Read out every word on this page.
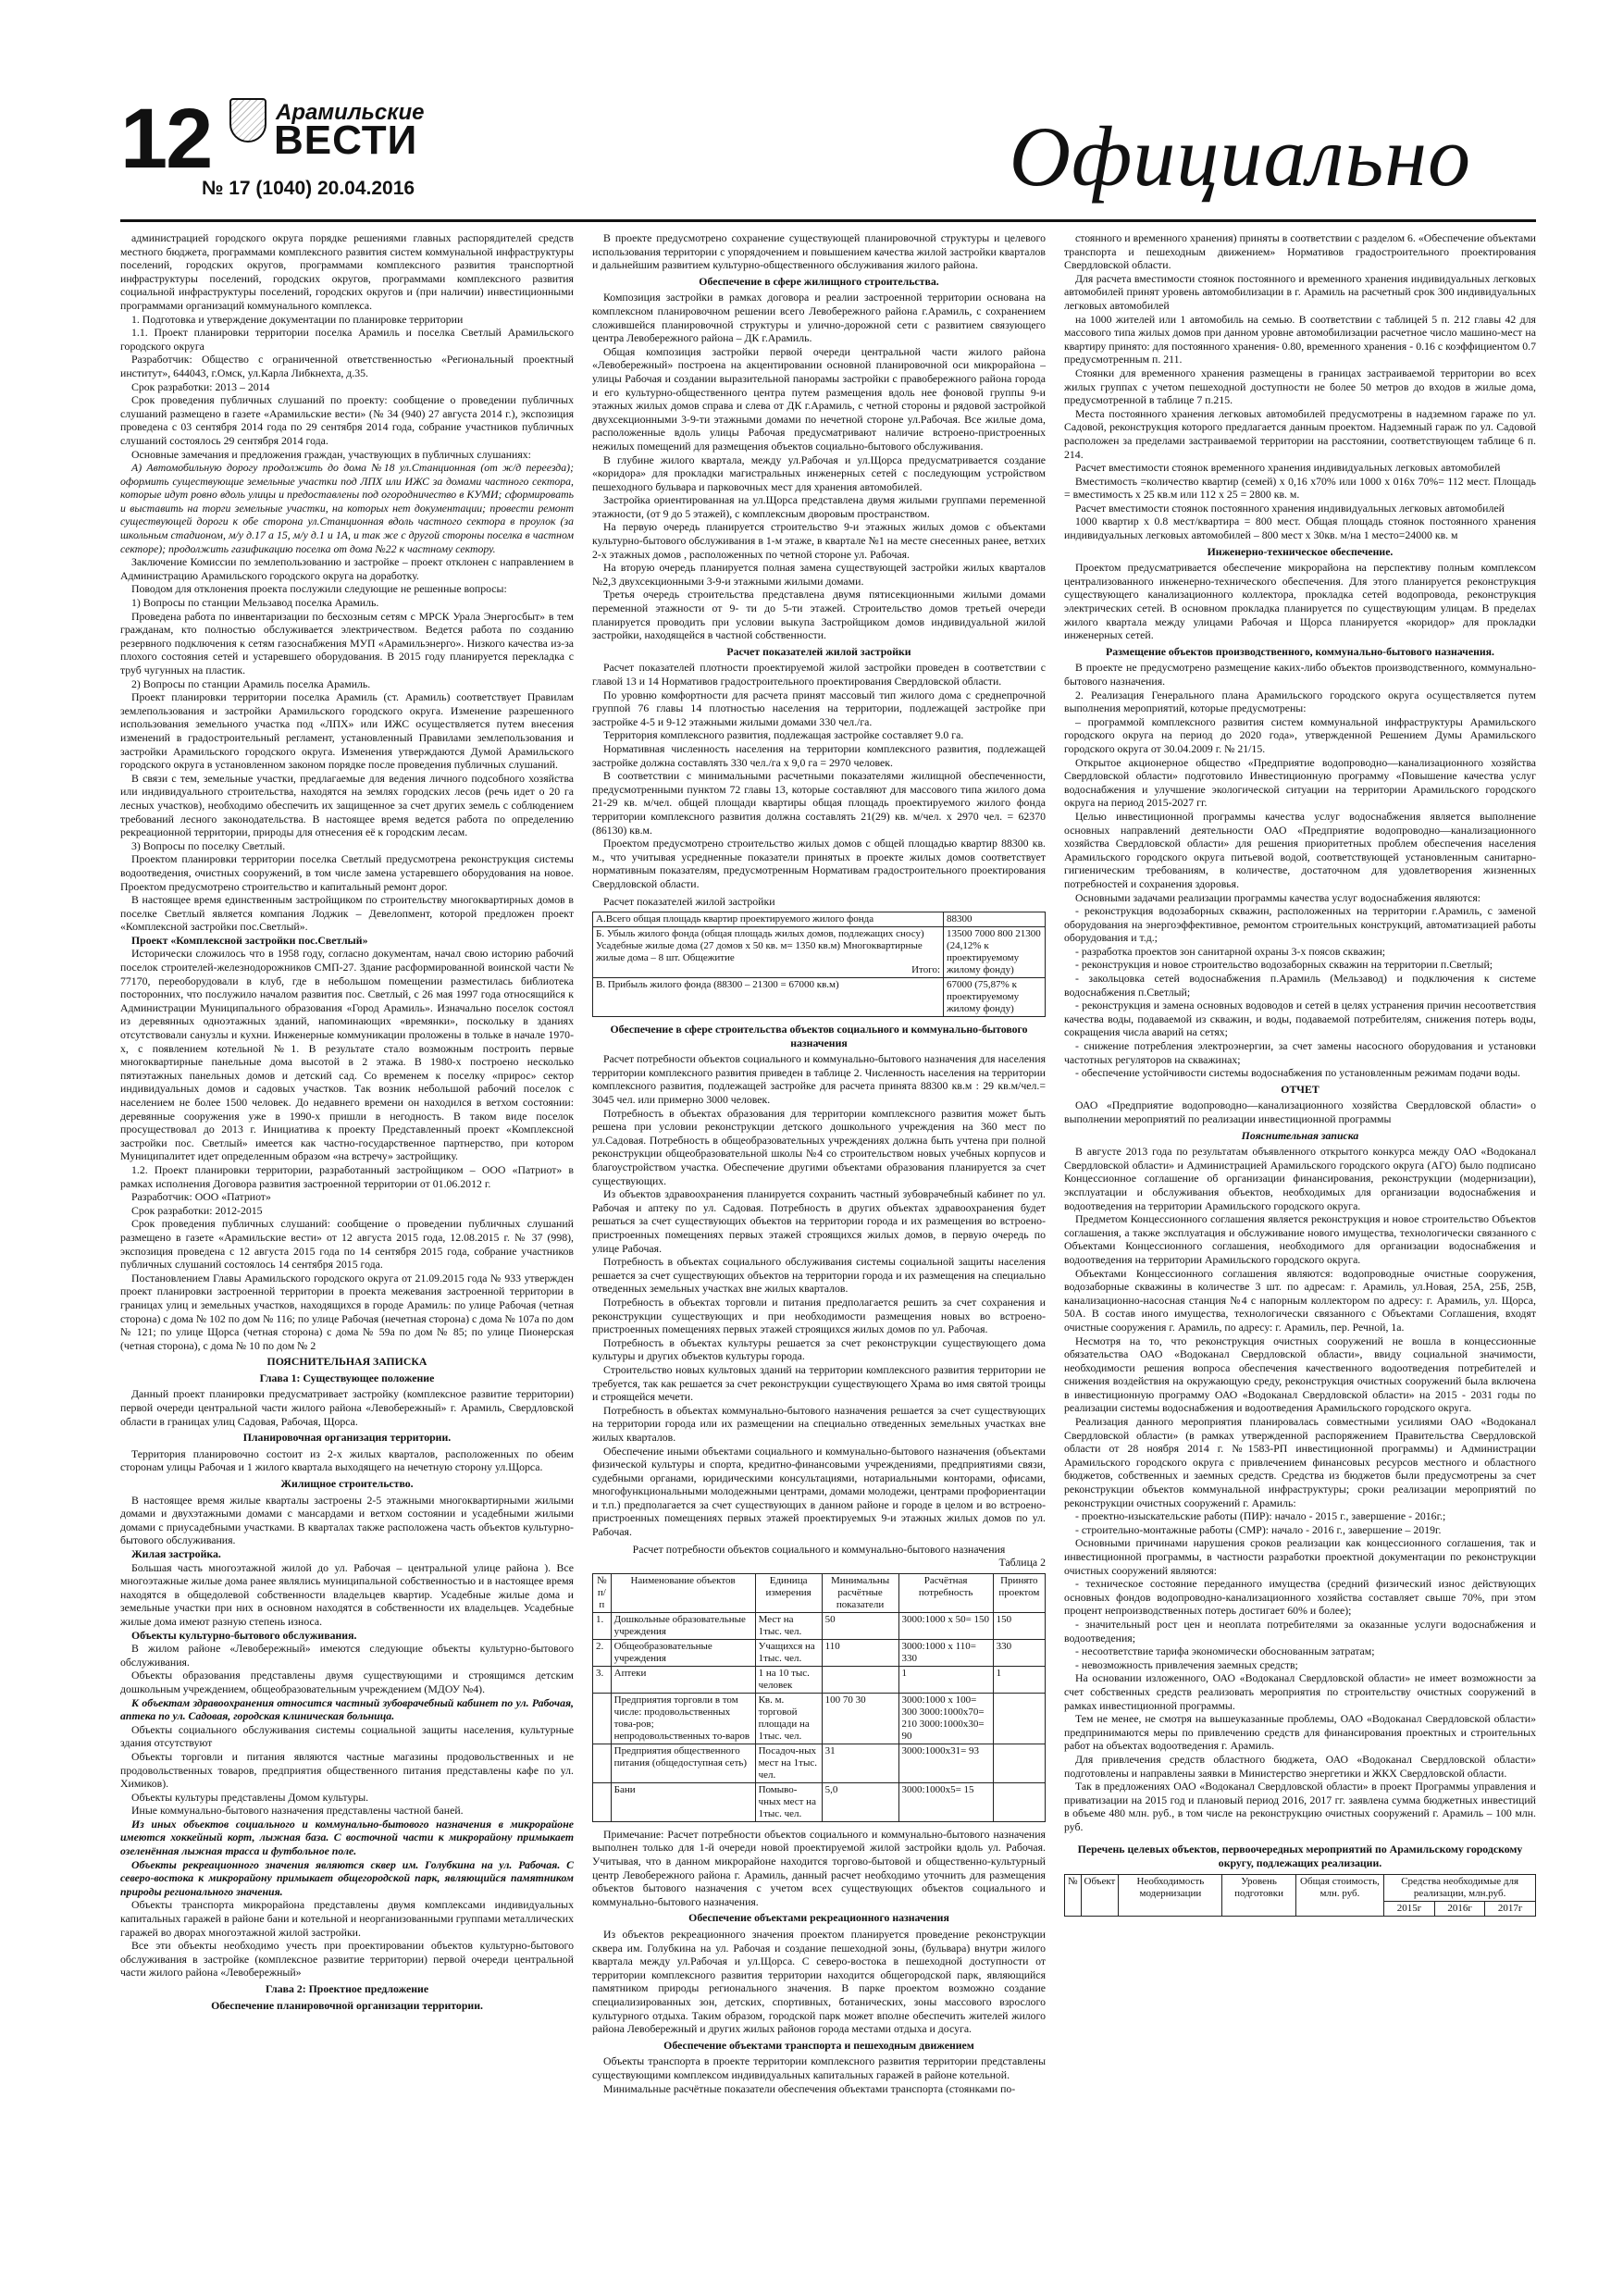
12	Арамильские
ВЕСТИ
№ 17 (1040) 20.04.2016	Официально

администрацией городского округа порядке решениями главных распорядителей средств местного бюджета, программами комплексного развития систем коммунальной инфраструктуры поселений, городских округов, программами комплексного развития транспортной инфраструктуры поселений, городских округов, программами комплексного развития социальной инфраструктуры поселений, городских округов и (при наличии) инвестиционными программами организаций коммунального комплекса.

1. Подготовка и утверждение документации по планировке территории

1.1. Проект планировки территории поселка Арамиль и поселка Светлый Арамильского городского округа

Разработчик: Общество с ограниченной ответственностью «Региональный проектный институт», 644043, г.Омск, ул.Карла Либкнехта, д.35.

Срок разработки: 2013 – 2014

Срок проведения публичных слушаний по проекту: сообщение о проведении публичных слушаний размещено в газете «Арамильские вести» (№ 34 (940) 27 августа 2014 г.), экспозиция проведена с 03 сентября 2014 года по 29 сентября 2014 года, собрание участников публичных слушаний состоялось 29 сентября 2014 года.

Основные замечания и предложения граждан, участвующих в публичных слушаниях:

А) Автомобильную дорогу продолжить до дома №18 ул.Станционная (от ж/д переезда); оформить существующие земельные участки под ЛПХ или ИЖС за домами частного сектора, которые идут ровно вдоль улицы и предоставлены под огородничество в КУМИ; сформировать и выставить на торги земельные участки, на которых нет документации; провести ремонт существующей дороги к обе сторона ул.Станционная вдоль частного сектора в проулок (за школьным стадионом, м/у д.17 а 15, м/у д.1 и 1А, и так же с другой стороны поселка в частном секторе); продолжить газификацию поселка от дома №22 к частному сектору.

Заключение Комиссии по землепользованию и застройке – проект отклонен с направлением в Администрацию Арамильского городского округа на доработку.

Поводом для отклонения проекта послужили следующие не решенные вопросы:

1) Вопросы по станции Мельзавод поселка Арамиль.

Проведена работа по инвентаризации по бесхозным сетям с МРСК Урала Энергосбыт» в тем гражданам, кто полностью обслуживается электричеством. Ведется работа по созданию резервного подключения к сетям газоснабжения МУП «Арамильэнерго». Низкого качества из-за плохого состояния сетей и устаревшего оборудования. В 2015 году планируется перекладка с труб чугунных на пластик.

2) Вопросы по станции Арамиль поселка Арамиль.

Проект планировки территории поселка Арамиль (ст. Арамиль) соответствует Правилам землепользования и застройки Арамильского городского округа. Изменение разрешенного использования земельного участка под «ЛПХ» или ИЖС осуществляется путем внесения изменений в градостроительный регламент, установленный Правилами землепользования и застройки Арамильского городского округа. Изменения утверждаются Думой Арамильского городского округа в установленном законом порядке после проведения публичных слушаний.

В связи с тем, земельные участки, предлагаемые для ведения личного подсобного хозяйства или индивидуального строительства, находятся на землях городских лесов (речь идет о 20 га лесных участков), необходимо обеспечить их защищенное за счет других земель с соблюдением требований лесного законодательства. В настоящее время ведется работа по определению рекреационной территории, природы для отнесения её к городским лесам.

3) Вопросы по поселку Светлый.

Проектом планировки территории поселка Светлый предусмотрена реконструкция системы водоотведения, очистных сооружений, в том числе замена устаревшего оборудования на новое. Проектом предусмотрено строительство и капитальный ремонт дорог.

В настоящее время единственным застройщиком по строительству многоквартирных домов в поселке Светлый является компания Лоджик – Девелопмент, которой предложен проект «Комплексной застройки пос.Светлый».

Проект «Комплексной застройки пос.Светлый»

Исторически сложилось что в 1958 году, согласно документам, начал свою историю рабочий поселок строителей-железнодорожников СМП-27. Здание расформированной воинской части № 77170, переоборудовали в клуб, где в небольшом помещении разместилась библиотека посторонних, что послужило началом развития пос. Светлый, с 26 мая 1997 года относящийся к Администрации Муниципального образования «Город Арамиль». Изначально поселок состоял из деревянных одноэтажных зданий, напоминающих «времянки», поскольку в зданиях отсутствовали санузлы и кухни. Инженерные коммуникации проложены в тольке в начале 1970-х, с появлением котельной №1. В результате сталo возможным построить первые многоквартирные панельные дома высотой в 2 этажа. В 1980-х построено несколько пятиэтажных панельных домов и детский сад. Со временем к поселку «прирос» сектор индивидуальных домов и садовых участков. Так возник небольшой рабочий поселок с населением не более 1500 человек. До недавнего времени он находился в ветхом состоянии: деревянные сооружения уже в 1990-х пришли в негодность. В таком виде поселок просуществовал до 2013 г. Инициатива к проекту Представленный проект «Комплексной застройки пос. Светлый» имеется как частно-государственное партнерство, при котором Муниципалитет идет определенным образом «на встречу» застройщику.

1.2. Проект планировки территории, разработанный застройщиком – ООО «Патриот» в рамках исполнения Договора развития застроенной территории от 01.06.2012 г.

Разработчик: ООО «Патриот»

Срок разработки: 2012-2015

Срок проведения публичных слушаний: сообщение о проведении публичных слушаний размещено в газете «Арамильские вести» от 12 августа 2015 года, 12.08.2015 г. № 37 (998), экспозиция проведена с 12 августа 2015 года по 14 сентября 2015 года, собрание участников публичных слушаний состоялось 14 сентября 2015 года.

Постановлением Главы Арамильского городского округа от 21.09.2015 года № 933 утвержден проект планировки застроенной территории в проекта межевания застроенной территории в границах улиц и земельных участков, находящихся в городе Арамиль: по улице Рабочая (четная сторона) с дома № 102 по дом № 116; по улице Рабочая (нечетная сторона) с дома № 107а по дом № 121; по улице Щорса (четная сторона) с дома № 59а по дом № 85; по улице Пионерская (четная сторона), с дома № 10 по дом № 2

ПОЯСНИТЕЛЬНАЯ ЗАПИСКА

Глава 1: Существующее положение

Данный проект планировки предусматривает застройку (комплексное развитие территории) первой очереди центральной части жилого района «Левобережный» г. Арамиль, Свердловской области в границах улиц Садовая, Рабочая, Щорса.

Планировочная организация территории.

Территория планировочно состоит из 2-х жилых кварталов, расположенных по обеим сторонам улицы Рабочая и 1 жилого квартала выходящего на нечетную сторону ул.Щорса.

Жилищное строительство.

В настоящее время жилые кварталы застроены 2-5 этажными многоквартирными жилыми домами и двухэтажными домами с мансардами и ветхом состоянии и усадебными жилыми домами с приусадебными участками. В кварталах также расположена часть объектов культурно-бытового обслуживания.

Жилая застройка.

Большая часть многоэтажной жилой до ул. Рабочая – центральной улице района ). Все многоэтажные жилые дома ранее являлись муниципальной собственностью и в настоящее время находятся в общедолевой собственности владельцев квартир. Усадебные жилые дома и земельные участки при них в основном находятся в собственности их владельцев. Усадебные жилые дома имеют разную степень износа.

Объекты культурно-бытового обслуживания.

В жилом районе «Левобережный» имеются следующие объекты культурно-бытового обслуживания.

Объекты образования представлены двумя существующими и строящимся детским дошкольным учреждением, общеобразовательным учреждением (МДОУ №4).

К объектам здравоохранения относится частный зубоврачебный кабинет по ул. Рабочая, аптека по ул. Садовая, городская клиническая больница.

Объекты социального обслуживания системы социальной защиты населения, культурные здания отсутствуют

Объекты торговли и питания являются частные магазины продовольственных и не продовольственных товаров, предприятия общественного питания представлены кафе по ул. Химиков).

Объекты культуры представлены Домом культуры.

Иные коммунально-бытового назначения представлены частной баней.

Из иных объектов социального и коммунально-бытового назначения в микрорайоне имеются хоккейный корт, лыжная база. С восточной части к микрорайону примыкает озеленённая лыжная трасса и футбольное поле.

Объекты рекреационного значения являются сквер им. Голубкина на ул. Рабочая. С северо-востока к микрорайону примыкает общегородской парк, являющийся памятником природы регионального значения.

Объекты транспорта микрорайона представлены двумя комплексами индивидуальных капитальных гаражей в районе бани и котельной и неорганизованными группами металлических гаражей во дворах многоэтажной жилой застройки.

Все эти объекты необходимо учесть при проектировании объектов культурно-бытового обслуживания в застройке (комплексное развитие территории) первой очереди центральной части жилого района «Левобережный»

Глава 2: Проектное предложение

Обеспечение планировочной организации территории.

В проекте предусмотрено сохранение существующей планировочной структуры и целевого использования территории с упорядочением и повышением качества жилой застройки кварталов и дальнейшим развитием культурно-общественного обслуживания жилого района.

Обеспечение в сфере жилищного строительства.

Композиция застройки в рамках договора и реалии застроенной территории основана на комплексном планировочном решении всего Левобережного района г.Арамиль, с сохранением сложившейся планировочной структуры и улично-дорожной сети с развитием связующего центра Левобережного района – ДК г.Арамиль.

Общая композиция застройки первой очереди центральной части жилого района «Левобережный» построена на акцентировании основной планировочной оси микрорайона – улицы Рабочая и создании выразительной панорамы застройки с правобережного района города и его культурно-общественного центра путем размещения вдоль нее фоновой группы 9-и этажных жилых домов справа и слева от ДК г.Арамиль, с четной стороны и рядовой застройкой двухсекционными 3-9-ти этажными домами по нечетной стороне ул.Рабочая. Все жилые дома, расположенные вдоль улицы Рабочая предусматривают наличие встроено-пристроенных нежилых помещений для размещения объектов социально-бытового обслуживания.

В глубине жилого квартала, между ул.Рабочая и ул.Щорса предусматривается создание «коридора» для прокладки магистральных инженерных сетей с последующим устройством пешеходного бульвара и парковочных мест для хранения автомобилей.

Застройка ориентированная на ул.Щорса представлена двумя жилыми группами переменной этажности, (от 9 до 5 этажей), с комплексным дворовым пространством.

На первую очередь планируется строительство 9-и этажных жилых домов с объектами культурно-бытового обслуживания в 1-м этаже, в квартале №1 на месте снесенных ранее, ветхих 2-х этажных домов , расположенных по четной стороне ул. Рабочая.

На вторую очередь планируется полная замена существующей застройки жилых кварталов №2,3 двухсекционными 3-9-и этажными жилыми домами.

Третья очередь строительства представлена двумя пятисекционными жилыми домами переменной этажности от 9- ти до 5-ти этажей. Строительство домов третьей очереди планируется проводить при условии выкупа Застройщиком домов индивидуальной жилой застройки, находящейся в частной собственности.

Расчет показателей жилой застройки

Расчет показателей плотности проектируемой жилой застройки проведен в соответствии с главой 13 и 14 Нормативов градостроительного проектирования Свердловской области.

По уровню комфортности для расчета принят массовый тип жилого дома с среднепрочной группой 76 главы 14 плотностью населения на территории, подлежащей застройке при застройке 4-5 и 9-12 этажными жилыми домами 330 чел./га.

Территория комплексного развития, подлежащая застройке составляет 9.0 га.

Нормативная численность населения на территории комплексного развития, подлежащей застройке должна составлять 330 чел./га x 9,0 га = 2970 человек.

В соответствии с минимальными расчетными показателями жилищной обеспеченности, предусмотренными пунктом 72 главы 13, которые составляют для массового типа жилого дома 21-29 кв. м/чел. общей площади квартиры общая площадь проектируемого жилого фонда территории комплексного развития должна составлять 21(29) кв. м/чел. х 2970 чел. = 62370 (86130) кв.м.

Проектом предусмотрено строительство жилых домов с общей площадью квартир 88300 кв. м., что учитывая усредненные показатели принятых в проекте жилых домов соответствует нормативным показателям, предусмотренным Нормативам градостроительного проектирования Свердловской области.

Расчет показателей жилой застройки

А.Всего общая площадь квартир проектируемого жилого фонда	88300
Б. Убыль жилого фонда (общая площадь жилых домов, подлежащих сносу) Усадебные жилые дома (27 домов x 50 кв. м= 1350 кв.м) Многоквартирные жилые дома – 8 шт. Общежитие
Итого:	13500 7000 800 21300 (24,12% к проектируемому жилому фонду)
В. Прибыль жилого фонда (88300 – 21300 = 67000 кв.м)	67000 (75,87% к проектируемому жилому фонду)

Обеспечение в сфере строительства объектов социального и коммунально-бытового назначения

Расчет потребности объектов социального и коммунально-бытового назначения для населения территории комплексного развития приведен в таблице 2. Численность населения на территории комплексного развития, подлежащей застройке для расчета принята 88300 кв.м : 29 кв.м/чел.= 3045 чел. или примерно 3000 человек.

Потребность в объектах образования для территории комплексного развития может быть решена при условии реконструкции детского дошкольного учреждения на 360 мест по ул.Садовая. Потребность в общеобразовательных учреждениях должна быть учтена при полной реконструкции общеобразовательной школы №4 со строительством новых учебных корпусов и благоустройством участка. Обеспечение другими объектами образования планируется за счет существующих.

Из объектов здравоохранения планируется сохранить частный зубоврачебный кабинет по ул. Рабочая и аптеку по ул. Садовая. Потребность в других объектах здравоохранения будет решаться за счет существующих объектов на территории города и их размещения во встроено-пристроенных помещениях первых этажей строящихся жилых домов, в первую очередь по улице Рабочая.

Потребность в объектах социального обслуживания системы социальной защиты населения решается за счет существующих объектов на территории города и их размещения на специально отведенных земельных участках вне жилых кварталов.

Потребность в объектах торговли и питания предполагается решить за счет сохранения и реконструкции существующих и при необходимости размещения новых во встроено-пристроенных помещениях первых этажей строящихся жилых домов по ул. Рабочая.

Потребность в объектах культуры решается за счет реконструкции существующего дома культуры и других объектов культуры города.

Строительство новых культовых зданий на территории комплексного развития территории не требуется, так как решается за счет реконструкции существующего Храма во имя святой троицы и строящейся мечети.

Потребность в объектах коммунально-бытового назначения решается за счет существующих на территории города или их размещении на специально отведенных земельных участках вне жилых кварталов.

Обеспечение иными объектами социального и коммунально-бытового назначения (объектами физической культуры и спорта, кредитно-финансовыми учреждениями, предприятиями связи, судебными органами, юридическими консультациями, нотариальными конторами, офисами, многофункциональными молодежными центрами, домами молодежи, центрами профориентации и т.п.) предполагается за счет существующих в данном районе и городе в целом и во встроено-пристроенных помещениях первых этажей проектируемых 9-и этажных жилых домов по ул. Рабочая.

Расчет потребности объектов социального и коммунально-бытового назначения

Таблица 2

№ п/п	Наименование объектов	Единица измерения	Минимальны расчётные показатели	Расчётная потребность	Принято проектом
1.	Дошкольные образовательные учреждения	Мест на 1тыс. чел.	50	3000:1000 x 50= 150	150
2.	Общеобразовательные учреждения	Учащихся на 1тыс. чел.	110	3000:1000 x 110= 330	330
3.	Аптеки	1 на 10 тыс. человек		1	1
	Предприятия торговли в том числе: продовольственных това-ров; непродовольственных то-варов	Кв. м. торговой площади на 1тыс. чел.	100 70 30	3000:1000 x 100= 300 3000:1000x70= 210 3000:1000x30= 90	
	Предприятия общественного питания (общедоступная сеть)	Посадоч-ных мест на 1тыс. чел.	31	3000:1000x31= 93	
	Бани	Помыво-чных мест на 1тыс. чел.	5,0	3000:1000x5= 15	

Примечание: Расчет потребности объектов социального и коммунально-бытового назначения выполнен только для 1-й очереди новой проектируемой жилой застройки вдоль ул. Рабочая. Учитывая, что в данном микрорайоне находится торгово-бытовой и общественно-культурный центр Левобережного района г. Арамиль, данный расчет необходимо уточнить для размещения объектов бытового назначения с учетом всех существующих объектов социального и коммунально-бытового назначения.

Обеспечение объектами рекреационного назначения

Из объектов рекреационного значения проектом планируется проведение реконструкции сквера им. Голубкина на ул. Рабочая и создание пешеходной зоны, (бульвара) внутри жилого квартала между ул.Рабочая и ул.Щорса. С северо-востока в пешеходной доступности от территории комплексного развития территории находится общегородской парк, являющийся памятником природы регионального значения. В парке проектом возможно создание специализированных зон, детских, спортивных, ботанических, зоны массового взрослого культурного отдыха. Таким образом, городской парк может вполне обеспечить жителей жилого района Левобережный и других жилых районов города местами отдыха и досуга.

Обеспечение объектами транспорта и пешеходным движением

Объекты транспорта в проекте территории комплексного развития территории представлены существующими комплексом индивидуальных капитальных гаражей в районе котельной.

Минимальные расчётные показатели обеспечения объектами транспорта (стоянками по-

стоянного и временного хранения) приняты в соответствии с разделом 6. «Обеспечение объектами транспорта и пешеходным движением» Нормативов градостроительного проектирования Свердловской области.

Для расчета вместимости стоянок постоянного и временного хранения индивидуальных легковых автомобилей принят уровень автомобилизации в г. Арамиль на расчетный срок 300 индивидуальных легковых автомобилей

на 1000 жителей или 1 автомобиль на семью. В соответствии с таблицей 5 п. 212 главы 42 для массового типа жилых домов при данном уровне автомобилизации расчетное число машино-мест на квартиру принято: для постоянного хранения- 0.80, временного хранения - 0.16 с коэффициентом 0.7 предусмотренным п. 211.

Стоянки для временного хранения размещены в границах застраиваемой территории во всех жилых группах с учетом пешеходной доступности не более 50 метров до входов в жилые дома, предусмотренной в таблице 7 п.215.

Места постоянного хранения легковых автомобилей предусмотрены в надземном гараже по ул. Садовой, реконструкция которого предлагается данным проектом. Надземный гараж по ул. Садовой расположен за пределами застраиваемой территории на расстоянии, соответствующем таблице 6 п. 214.

Расчет вместимости стоянок временного хранения индивидуальных легковых автомобилей

Вместимость =количество квартир (семей) х 0,16 х70% или 1000 х 016х 70%= 112 мест. Площадь = вместимость х 25 кв.м или 112 х 25 = 2800 кв. м.

Расчет вместимости стоянок постоянного хранения индивидуальных легковых автомобилей

1000 квартир х 0.8 мест/квартира = 800 мест. Общая площадь стоянок постоянного хранения индивидуальных легковых автомобилей – 800 мест х 30кв. м/на 1 место=24000 кв. м

Инженерно-техническое обеспечение.

Проектом предусматривается обеспечение микрорайона на перспективу полным комплексом централизованного инженерно-технического обеспечения. Для этого планируется реконструкция существующего канализационного коллектора, прокладка сетей водопровода, реконструкция электрических сетей. В основном прокладка планируется по существующим улицам. В пределах жилого квартала между улицами Рабочая и Щорса планируется «коридор» для прокладки инженерных сетей.

Размещение объектов производственного, коммунально-бытового назначения.

В проекте не предусмотрено размещение каких-либо объектов производственного, коммунально-бытового назначения.

2. Реализация Генерального плана Арамильского городского округа осуществляется путем выполнения мероприятий, которые предусмотрены:

– программой комплексного развития систем коммунальной инфраструктуры Арамильского городского округа на период до 2020 года», утвержденной Решением Думы Арамильского городского округа от 30.04.2009 г. № 21/15.

Открытое акционерное общество «Предприятие водопроводно—канализационного хозяйства Свердловской области» подготовило Инвестиционную программу «Повышение качества услуг водоснабжения и улучшение экологической ситуации на территории Арамильского городского округа на период 2015-2027 гг.

Целью инвестиционной программы качества услуг водоснабжения является выполнение основных направлений деятельности ОАО «Предприятие водопроводно—канализационного хозяйства Свердловской области» для решения приоритетных проблем обеспечения населения Арамильского городского округа питьевой водой, соответствующей установленным санитарно-гигиеническим требованиям, в количестве, достаточном для удовлетворения жизненных потребностей и сохранения здоровья.

Основными задачами реализации программы качества услуг водоснабжения являются:

- реконструкция водозаборных скважин, расположенных на территории г.Арамиль, с заменой оборудования на энергоэффективное, ремонтом строительных конструкций, автоматизацией работы оборудования и т.д.;

- разработка проектов зон санитарной охраны 3-х поясов скважин;

- реконструкция и новое строительство водозаборных скважин на территории п.Светлый;

- закольцовка сетей водоснабжения п.Арамиль (Мельзавод) и подключения к системе водоснабжения п.Светлый;

- реконструкция и замена основных водоводов и сетей в целях устранения причин несоответствия качества воды, подаваемой из скважин, и воды, подаваемой потребителям, снижения потерь воды, сокращения числа аварий на сетях;

- снижение потребления электроэнергии, за счет замены насосного оборудования и установки частотных регуляторов на скважинах;

- обеспечение устойчивости системы водоснабжения по установленным режимам подачи воды.

ОТЧЕТ

ОАО «Предприятие водопроводно—канализационного хозяйства Свердловской области» о выполнении мероприятий по реализации инвестиционной программы

Пояснительная записка

В августе 2013 года по результатам объявленного открытого конкурса между ОАО «Водоканал Свердловской области» и Администрацией Арамильского городского округа (АГО) было подписано Концессионное соглашение об организации финансирования, реконструкции (модернизации), эксплуатации и обслуживания объектов, необходимых для организации водоснабжения и водоотведения на территории Арамильского городского округа.

Предметом Концессионного соглашения является реконструкция и новое строительство Объектов соглашения, а также эксплуатация и обслуживание нового имущества, технологически связанного с Объектами Концессионного соглашения, необходимого для организации водоснабжения и водоотведения на территории Арамильского городского округа.

Объектами Концессионного соглашения являются: водопроводные очистные сооружения, водозаборные скважины в количестве 3 шт. по адресам: г. Арамиль, ул.Новая, 25А, 25Б, 25В, канализационно-насосная станция №4 с напорным коллектором по адресу: г. Арамиль, ул. Щорса, 50А. В состав иного имущества, технологически связанного с Объектами Соглашения, входят очистные сооружения г. Арамиль, по адресу: г. Арамиль, пер. Речной, 1а.

Несмотря на то, что реконструкция очистных сооружений не вошла в концессионные обязательства ОАО «Водоканал Свердловской области», ввиду социальной значимости, необходимости решения вопроса обеспечения качественного водоотведения потребителей и снижения воздействия на окружающую среду, реконструкция очистных сооружений была включена в инвестиционную программу ОАО «Водоканал Свердловской области» на 2015 - 2031 годы по реализации системы водоснабжения и водоотведения Арамильского городского округа.

Реализация данного мероприятия планировалась совместными усилиями ОАО «Водоканал Свердловской области» (в рамках утвержденной распоряжением Правительства Свердловской области от 28 ноября 2014 г. №1583-РП инвестиционной программы) и Администрации Арамильского городского округа с привлечением финансовых ресурсов местного и областного бюджетов, собственных и заемных средств. Средства из бюджетов были предусмотрены за счет реконструкции объектов коммунальной инфраструктуры; сроки реализации мероприятий по реконструкции очистных сооружений г. Арамиль:

- проектно-изыскательские работы (ПИР): начало - 2015 г., завершение - 2016г.;

- строительно-монтажные работы (СМР): начало - 2016 г., завершение – 2019г.

Основными причинами нарушения сроков реализации как концессионного соглашения, так и инвестиционной программы, в частности разработки проектной документации по реконструкции очистных сооружений являются:

- техническое состояние переданного имущества (средний физический износ действующих основных фондов водопроводно-канализационного хозяйства составляет свыше 70%, при этом процент непроизводственных потерь достигает 60% и более);

- значительный рост цен и неоплата потребителями за оказанные услуги водоснабжения и водоотведения;

- несоответствие тарифа экономически обоснованным затратам;

- невозможность привлечения заемных средств;

На основании изложенного, ОАО «Водоканал Свердловской области» не имеет возможности за счет собственных средств реализовать мероприятия по строительству очистных сооружений в рамках инвестиционной программы.

Тем не менее, не смотря на вышеуказанные проблемы, ОАО «Водоканал Свердловской области» предпринимаются меры по привлечению средств для финансирования проектных и строительных работ на объектах водоотведения г. Арамиль.

Для привлечения средств областного бюджета, ОАО «Водоканал Свердловской области» подготовлены и направлены заявки в Министерство энергетики и ЖКХ Свердловской области.

Так в предложениях ОАО «Водоканал Свердловской области» в проект Программы управления и приватизации на 2015 год и плановый период 2016, 2017 гг. заявлена сумма бюджетных инвестиций в объеме 480 млн. руб., в том числе на реконструкцию очистных сооружений г. Арамиль – 100 млн. руб.

Перечень целевых объектов, первоочередных мероприятий по Арамильскому городскому округу, подлежащих реализации.

№	Объект	Необходимость модернизации	Уровень подготовки	Общая стоимость, млн. руб.	Средства необходимые для реализации, млн.руб.		
					2015г	2016г	2017г
